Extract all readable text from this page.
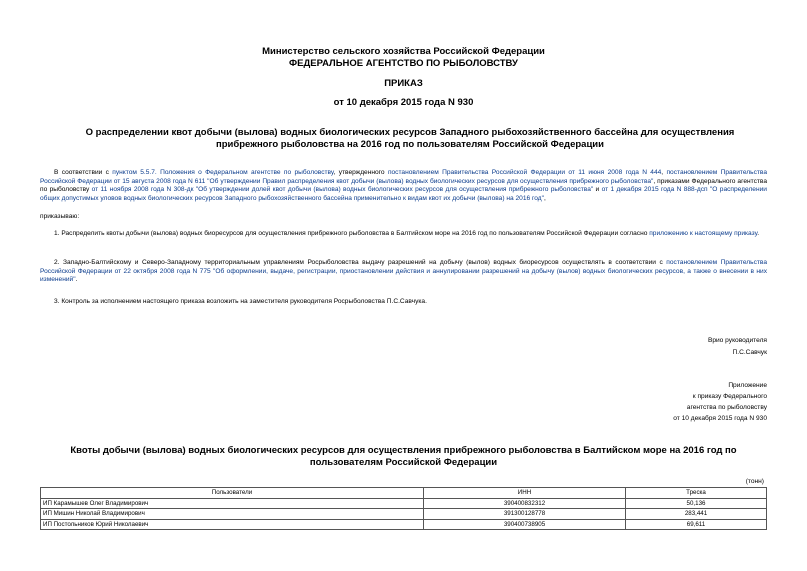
Министерство сельского хозяйства Российской Федерации
ФЕДЕРАЛЬНОЕ АГЕНТСТВО ПО РЫБОЛОВСТВУ
ПРИКАЗ
от 10 декабря 2015 года N 930
О распределении квот добычи (вылова) водных биологических ресурсов Западного рыбохозяйственного бассейна для осуществления прибрежного рыболовства на 2016 год по пользователям Российской Федерации
В соответствии с пунктом 5.5.7. Положения о Федеральном агентстве по рыболовству, утвержденного постановлением Правительства Российской Федерации от 11 июня 2008 года N 444, постановлением Правительства Российской Федерации от 15 августа 2008 года N 611 "Об утверждении Правил распределения квот добычи (вылова) водных биологических ресурсов для осуществления прибрежного рыболовства", приказами Федерального агентства по рыболовству от 11 ноября 2008 года N 308-дк "Об утверждении долей квот добычи (вылова) водных биологических ресурсов для осуществления прибрежного рыболовства" и от 1 декабря 2015 года N 888-дсп "О распределении общих допустимых уловов водных биологических ресурсов Западного рыбохозяйственного бассейна применительно к видам квот их добычи (вылова) на 2016 год",
приказываю:
1. Распределить квоты добычи (вылова) водных биоресурсов для осуществления прибрежного рыболовства в Балтийском море на 2016 год по пользователям Российской Федерации согласно приложению к настоящему приказу.
2. Западно-Балтийскому и Северо-Западному территориальным управлениям Росрыболовства выдачу разрешений на добычу (вылов) водных биоресурсов осуществлять в соответствии с постановлением Правительства Российской Федерации от 22 октября 2008 года N 775 "Об оформлении, выдаче, регистрации, приостановлении действия и аннулировании разрешений на добычу (вылов) водных биологических ресурсов, а также о внесении в них изменений".
3. Контроль за исполнением настоящего приказа возложить на заместителя руководителя Росрыболовства П.С.Савчука.
Врио руководителя
П.С.Савчук
Приложение
к приказу Федерального
агентства по рыболовству
от 10 декабря 2015 года N 930
Квоты добычи (вылова) водных биологических ресурсов для осуществления прибрежного рыболовства в Балтийском море на 2016 год по пользователям Российской Федерации
(тонн)
Пользователи	ИНН	Треска
ИП Карамышев Олег Владимирович	390400832312	50,136
ИП Мишин Николай Владимирович	391300128778	283,441
ИП Постольников Юрий Николаевич	390400738905	69,611
